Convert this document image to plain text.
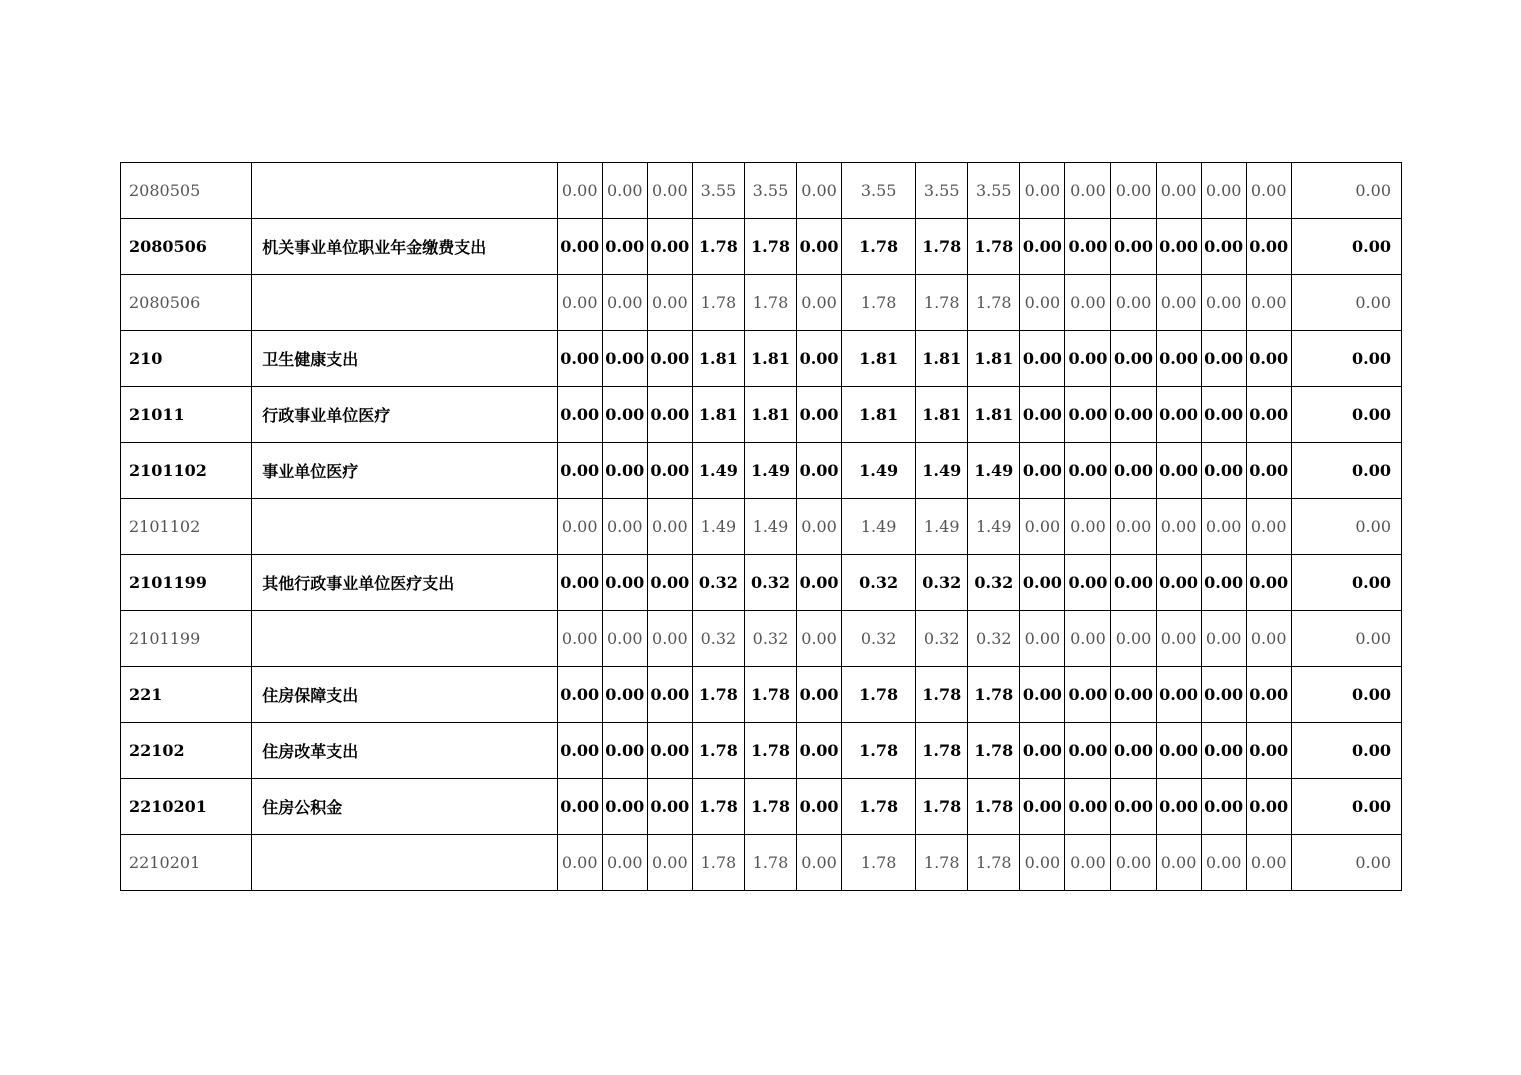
2080505		0.00	0.00	0.00	3.55	3.55	0.00	3.55	3.55	3.55	0.00	0.00	0.00	0.00	0.00	0.00	0.00
2080506	机关事业单位职业年金缴费支出	0.00	0.00	0.00	1.78	1.78	0.00	1.78	1.78	1.78	0.00	0.00	0.00	0.00	0.00	0.00	0.00
2080506		0.00	0.00	0.00	1.78	1.78	0.00	1.78	1.78	1.78	0.00	0.00	0.00	0.00	0.00	0.00	0.00
210	卫生健康支出	0.00	0.00	0.00	1.81	1.81	0.00	1.81	1.81	1.81	0.00	0.00	0.00	0.00	0.00	0.00	0.00
21011	行政事业单位医疗	0.00	0.00	0.00	1.81	1.81	0.00	1.81	1.81	1.81	0.00	0.00	0.00	0.00	0.00	0.00	0.00
2101102	事业单位医疗	0.00	0.00	0.00	1.49	1.49	0.00	1.49	1.49	1.49	0.00	0.00	0.00	0.00	0.00	0.00	0.00
2101102		0.00	0.00	0.00	1.49	1.49	0.00	1.49	1.49	1.49	0.00	0.00	0.00	0.00	0.00	0.00	0.00
2101199	其他行政事业单位医疗支出	0.00	0.00	0.00	0.32	0.32	0.00	0.32	0.32	0.32	0.00	0.00	0.00	0.00	0.00	0.00	0.00
2101199		0.00	0.00	0.00	0.32	0.32	0.00	0.32	0.32	0.32	0.00	0.00	0.00	0.00	0.00	0.00	0.00
221	住房保障支出	0.00	0.00	0.00	1.78	1.78	0.00	1.78	1.78	1.78	0.00	0.00	0.00	0.00	0.00	0.00	0.00
22102	住房改革支出	0.00	0.00	0.00	1.78	1.78	0.00	1.78	1.78	1.78	0.00	0.00	0.00	0.00	0.00	0.00	0.00
2210201	住房公积金	0.00	0.00	0.00	1.78	1.78	0.00	1.78	1.78	1.78	0.00	0.00	0.00	0.00	0.00	0.00	0.00
2210201		0.00	0.00	0.00	1.78	1.78	0.00	1.78	1.78	1.78	0.00	0.00	0.00	0.00	0.00	0.00	0.00
